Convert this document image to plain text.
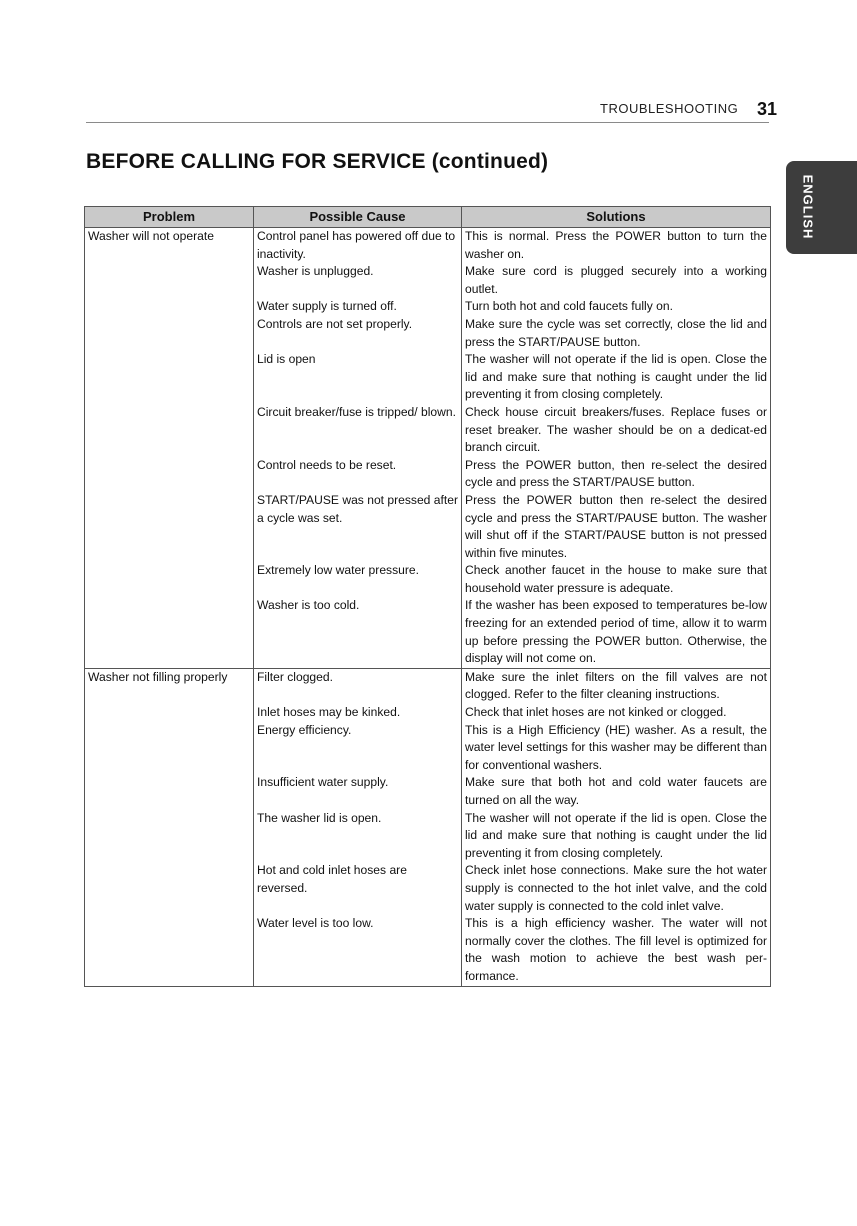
TROUBLESHOOTING 31
BEFORE CALLING FOR SERVICE (continued)
ENGLISH
Problem	Possible Cause	Solutions
Washer will not operate	Control panel has powered off due to inactivity.	This is normal. Press the POWER button to turn the washer on.
	Washer is unplugged.	Make sure cord is plugged securely into a working outlet.
	Water supply is turned off.	Turn both hot and cold faucets fully on.
	Controls are not set properly.	Make sure the cycle was set correctly, close the lid and press the START/PAUSE button.
	Lid is open	The washer will not operate if the lid is open. Close the lid and make sure that nothing is caught under the lid preventing it from closing completely.
	Circuit breaker/fuse is tripped/ blown.	Check house circuit breakers/fuses. Replace fuses or reset breaker. The washer should be on a dedicat-ed branch circuit.
	Control needs to be reset.	Press the POWER button, then re-select the desired cycle and press the START/PAUSE button.
	START/PAUSE was not pressed after a cycle was set.	Press the POWER button then re-select the desired cycle and press the START/PAUSE button. The washer will shut off if the START/PAUSE button is not pressed within five minutes.
	Extremely low water pressure.	Check another faucet in the house to make sure that household water pressure is adequate.
	Washer is too cold.	If the washer has been exposed to temperatures be-low freezing for an extended period of time, allow it to warm up before pressing the POWER button. Otherwise, the display will not come on.
Washer not filling properly	Filter clogged.	Make sure the inlet filters on the fill valves are not clogged. Refer to the filter cleaning instructions.
	Inlet hoses may be kinked.	Check that inlet hoses are not kinked or clogged.
	Energy efficiency.	This is a High Efficiency (HE) washer. As a result, the water level settings for this washer may be different than for conventional washers.
	Insufficient water supply.	Make sure that both hot and cold water faucets are turned on all the way.
	The washer lid is open.	The washer will not operate if the lid is open. Close the lid and make sure that nothing is caught under the lid preventing it from closing completely.
	Hot and cold inlet hoses are reversed.	Check inlet hose connections. Make sure the hot water supply is connected to the hot inlet valve, and the cold water supply is connected to the cold inlet valve.
	Water level is too low.	This is a high efficiency washer. The water will not normally cover the clothes. The fill level is optimized for the wash motion to achieve the best wash per-formance.
